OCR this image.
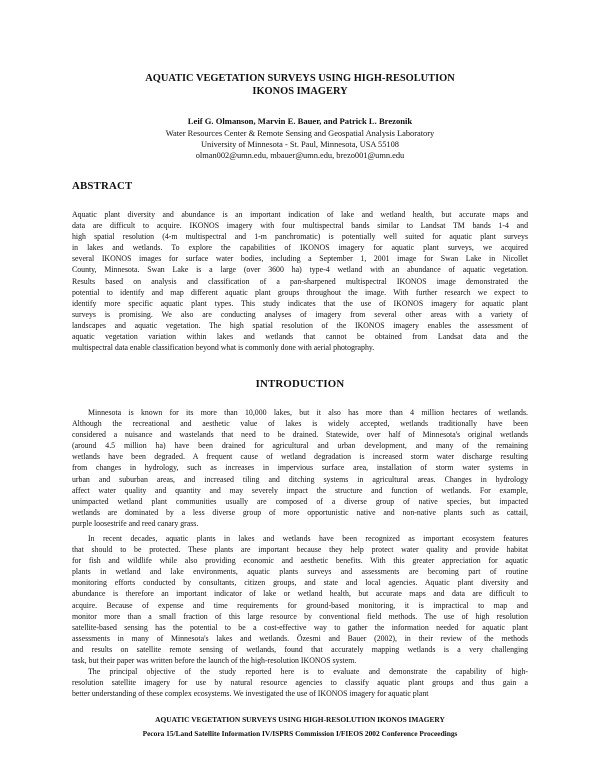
AQUATIC VEGETATION SURVEYS USING HIGH-RESOLUTION
IKONOS IMAGERY
Leif G. Olmanson, Marvin E. Bauer, and Patrick L. Brezonik
Water Resources Center & Remote Sensing and Geospatial Analysis Laboratory
University of Minnesota - St. Paul, Minnesota, USA 55108
olman002@umn.edu, mbauer@umn.edu, brezo001@umn.edu
ABSTRACT
Aquatic plant diversity and abundance is an important indication of lake and wetland health, but accurate maps and
data are difficult to acquire. IKONOS imagery with four multispectral bands similar to Landsat TM bands 1-4 and
high spatial resolution (4-m multispectral and 1-m panchromatic) is potentially well suited for aquatic plant surveys
in lakes and wetlands. To explore the capabilities of IKONOS imagery for aquatic plant surveys, we acquired
several IKONOS images for surface water bodies, including a September 1, 2001 image for Swan Lake in Nicollet
County, Minnesota. Swan Lake is a large (over 3600 ha) type-4 wetland with an abundance of aquatic vegetation.
Results based on analysis and classification of a pan-sharpened multispectral IKONOS image demonstrated the
potential to identify and map different aquatic plant groups throughout the image. With further research we expect to
identify more specific aquatic plant types. This study indicates that the use of IKONOS imagery for aquatic plant
surveys is promising. We also are conducting analyses of imagery from several other areas with a variety of
landscapes and aquatic vegetation. The high spatial resolution of the IKONOS imagery enables the assessment of
aquatic vegetation variation within lakes and wetlands that cannot be obtained from Landsat data and the
multispectral data enable classification beyond what is commonly done with aerial photography.
INTRODUCTION
Minnesota is known for its more than 10,000 lakes, but it also has more than 4 million hectares of wetlands.
Although the recreational and aesthetic value of lakes is widely accepted, wetlands traditionally have been
considered a nuisance and wastelands that need to be drained. Statewide, over half of Minnesota's original wetlands
(around 4.5 million ha) have been drained for agricultural and urban development, and many of the remaining
wetlands have been degraded. A frequent cause of wetland degradation is increased storm water discharge resulting
from changes in hydrology, such as increases in impervious surface area, installation of storm water systems in
urban and suburban areas, and increased tiling and ditching systems in agricultural areas. Changes in hydrology
affect water quality and quantity and may severely impact the structure and function of wetlands. For example,
unimpacted wetland plant communities usually are composed of a diverse group of native species, but impacted
wetlands are dominated by a less diverse group of more opportunistic native and non-native plants such as cattail,
purple loosestrife and reed canary grass.
In recent decades, aquatic plants in lakes and wetlands have been recognized as important ecosystem features
that should to be protected. These plants are important because they help protect water quality and provide habitat
for fish and wildlife while also providing economic and aesthetic benefits. With this greater appreciation for aquatic
plants in wetland and lake environments, aquatic plants surveys and assessments are becoming part of routine
monitoring efforts conducted by consultants, citizen groups, and state and local agencies. Aquatic plant diversity and
abundance is therefore an important indicator of lake or wetland health, but accurate maps and data are difficult to
acquire. Because of expense and time requirements for ground-based monitoring, it is impractical to map and
monitor more than a small fraction of this large resource by conventional field methods. The use of high resolution
satellite-based sensing has the potential to be a cost-effective way to gather the information needed for aquatic plant
assessments in many of Minnesota's lakes and wetlands. Özesmi and Bauer (2002), in their review of the methods
and results on satellite remote sensing of wetlands, found that accurately mapping wetlands is a very challenging
task, but their paper was written before the launch of the high-resolution IKONOS system.
The principal objective of the study reported here is to evaluate and demonstrate the capability of high-
resolution satellite imagery for use by natural resource agencies to classify aquatic plant groups and thus gain a
better understanding of these complex ecosystems. We investigated the use of IKONOS imagery for aquatic plant
AQUATIC VEGETATION SURVEYS USING HIGH-RESOLUTION IKONOS IMAGERY
Pecora 15/Land Satellite Information IV/ISPRS Commission I/FIEOS 2002 Conference Proceedings
